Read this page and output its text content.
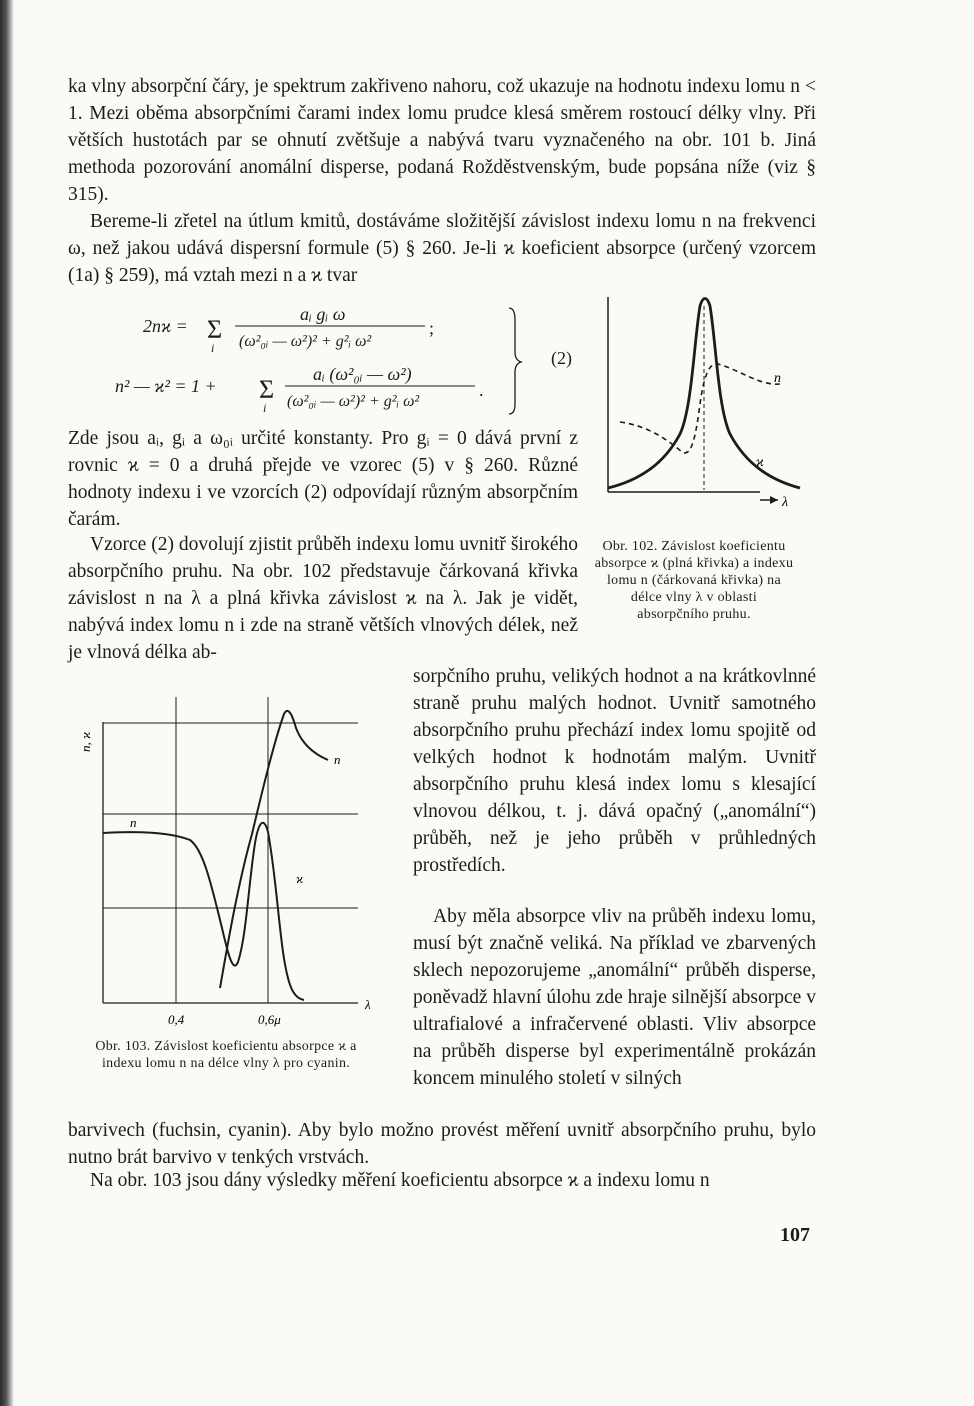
ka vlny absorpční čáry, je spektrum zakřiveno nahoru, což ukazuje na hodnotu indexu lomu n < 1. Mezi oběma absorpčními čarami index lomu prudce klesá směrem rostoucí délky vlny. Při větších hustotách par se ohnutí zvětšuje a nabývá tvaru vyznačeného na obr. 101 b. Jiná methoda pozorování anomální disperse, podaná Rožděstvenským, bude popsána níže (viz § 315).

Bereme-li zřetel na útlum kmitů, dostáváme složitější závislost indexu lomu n na frekvenci ω, než jakou udává dispersní formule (5) § 260. Je-li ϰ koeficient absorpce (určený vzorcem (1a) § 259), má vztah mezi n a ϰ tvar

2nϰ = Σ
i
aᵢ gᵢ ω
(ω²₀ᵢ — ω²)² + g²ᵢ ω²
;
n² — ϰ² = 1 + Σ
i
aᵢ (ω²₀ᵢ — ω²)
(ω²₀ᵢ — ω²)² + g²ᵢ ω²
.
(2)

Zde jsou aᵢ, gᵢ a ω₀ᵢ určité konstanty. Pro gᵢ = 0 dává první z rovnic ϰ = 0 a druhá přejde ve vzorec (5) v § 260. Různé hodnoty indexu i ve vzorcích (2) odpovídají různým absorpčním čarám.

Vzorce (2) dovolují zjistit průběh indexu lomu uvnitř širokého absorpčního pruhu. Na obr. 102 představuje čárkovaná křivka závislost n na λ a plná křivka závislost ϰ na λ. Jak je vidět, nabývá index lomu n i zde na straně větších vlnových délek, než je vlnová délka ab-

λ
n
ϰ

Obr. 102. Závislost koeficientu absorpce ϰ (plná křivka) a indexu lomu n (čárkovaná křivka) na délce vlny λ v oblasti absorpčního pruhu.

n, ϰ
n
n
ϰ
0,4	0,6μ
λ

Obr. 103. Závislost koeficientu absorpce ϰ a indexu lomu n na délce vlny λ pro cyanin.

sorpčního pruhu, velikých hodnot a na krátkovlnné straně pruhu malých hodnot. Uvnitř samotného absorpčního pruhu přechází index lomu spojitě od velkých hodnot k hodnotám malým. Uvnitř absorpčního pruhu klesá index lomu s klesající vlnovou délkou, t. j. dává opačný („anomální“) průběh, než je jeho průběh v průhledných prostředích.

Aby měla absorpce vliv na průběh indexu lomu, musí být značně veliká. Na příklad ve zbarvených sklech nepozorujeme „anomální“ průběh disperse, poněvadž hlavní úlohu zde hraje silnější absorpce v ultrafialové a infračervené oblasti. Vliv absorpce na průběh disperse byl experimentálně prokázán koncem minulého století v silných

barvivech (fuchsin, cyanin). Aby bylo možno provést měření uvnitř absorpčního pruhu, bylo nutno brát barvivo v tenkých vrstvách.

Na obr. 103 jsou dány výsledky měření koeficientu absorpce ϰ a indexu lomu n

107
